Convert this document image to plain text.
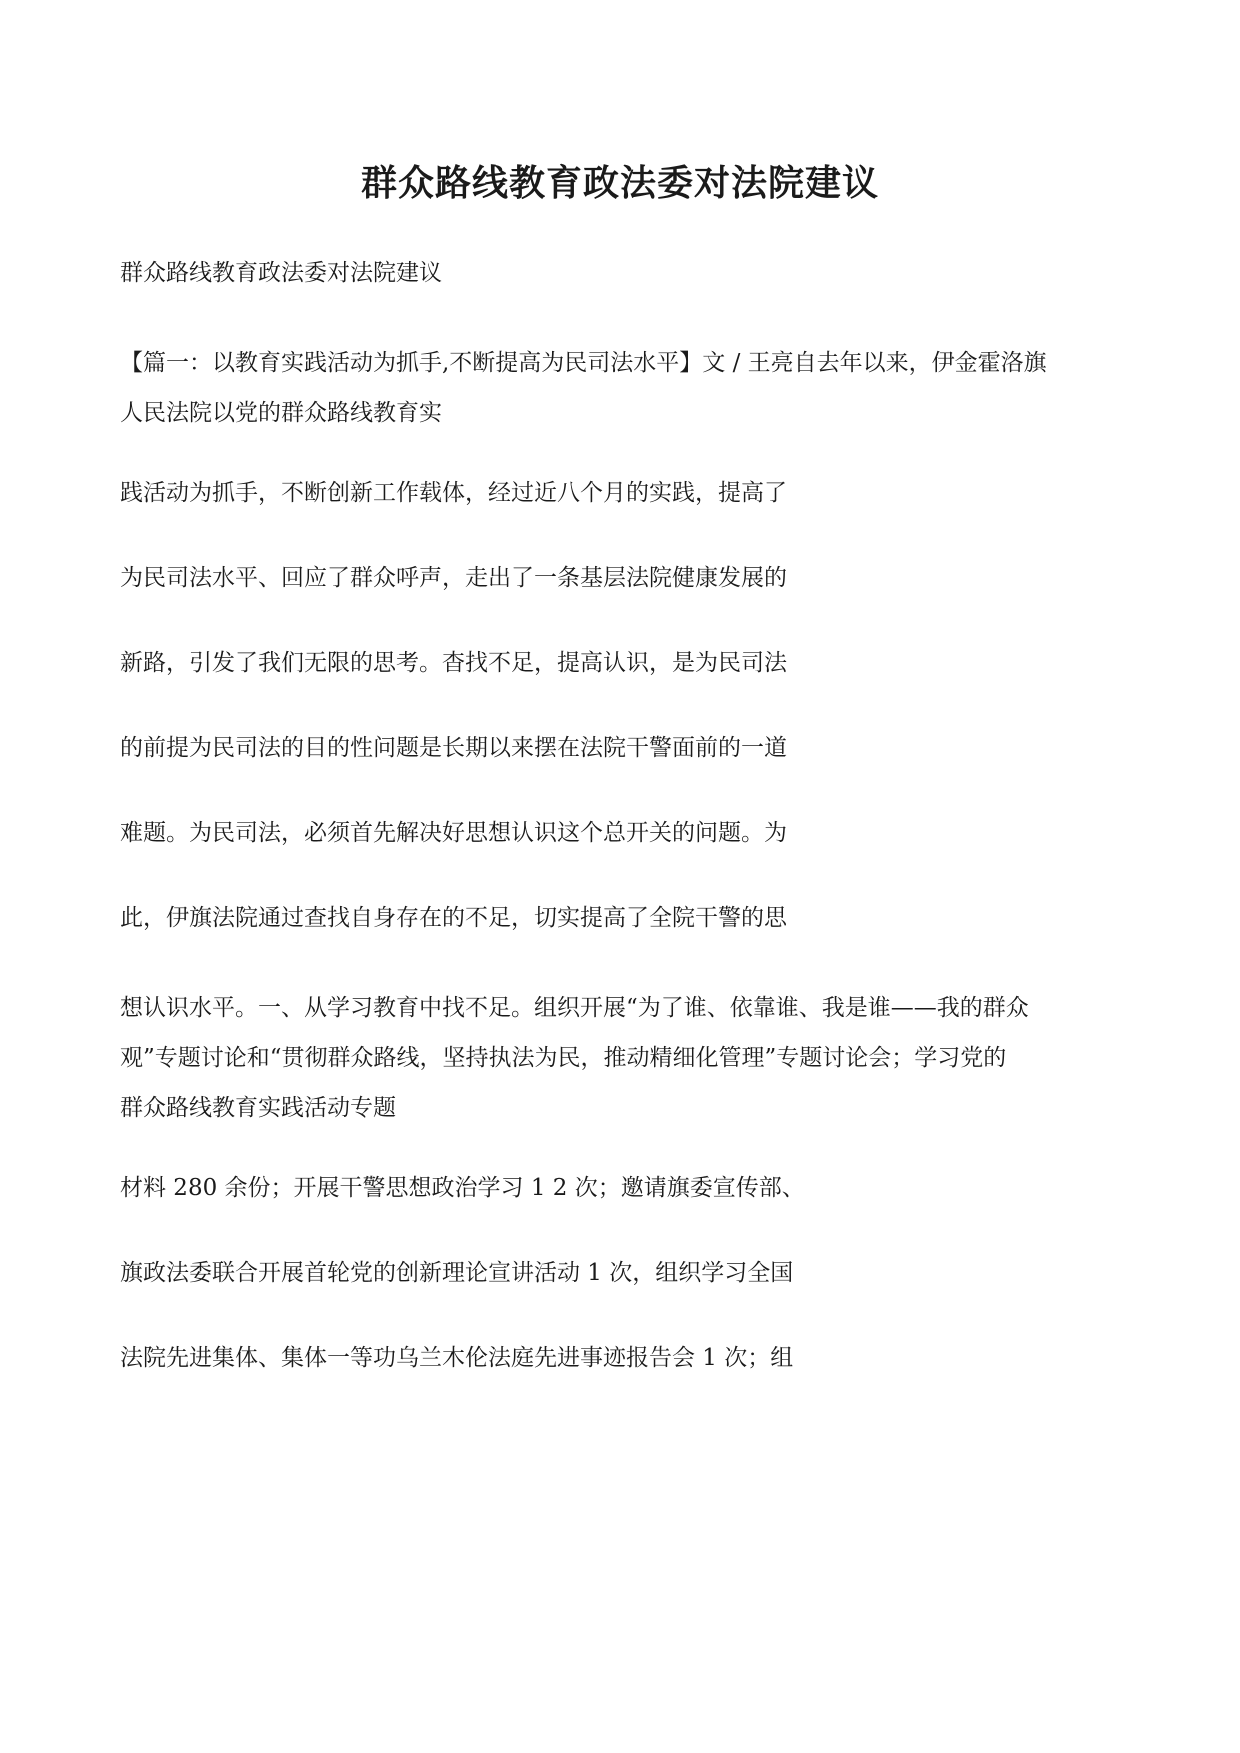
群众路线教育政法委对法院建议

群众路线教育政法委对法院建议

【篇一：以教育实践活动为抓手,不断提高为民司法水平】文 / 王亮自去年以来，伊金霍洛旗
人民法院以党的群众路线教育实

践活动为抓手，不断创新工作载体，经过近八个月的实践，提高了

为民司法水平、回应了群众呼声，走出了一条基层法院健康发展的

新路，引发了我们无限的思考。杳找不足，提高认识，是为民司法

的前提为民司法的目的性问题是长期以来摆在法院干警面前的一道

难题。为民司法，必须首先解决好思想认识这个总开关的问题。为

此，伊旗法院通过查找自身存在的不足，切实提高了全院干警的思

想认识水平。一、从学习教育中找不足。组织开展“为了谁、依靠谁、我是谁——我的群众
观”专题讨论和“贯彻群众路线，坚持执法为民，推动精细化管理”专题讨论会；学习党的
群众路线教育实践活动专题

材料 280 余份；开展干警思想政治学习 1 2 次；邀请旗委宣传部、

旗政法委联合开展首轮党的创新理论宣讲活动 1 次，组织学习全国

法院先进集体、集体一等功乌兰木伦法庭先进事迹报告会 1 次；组
